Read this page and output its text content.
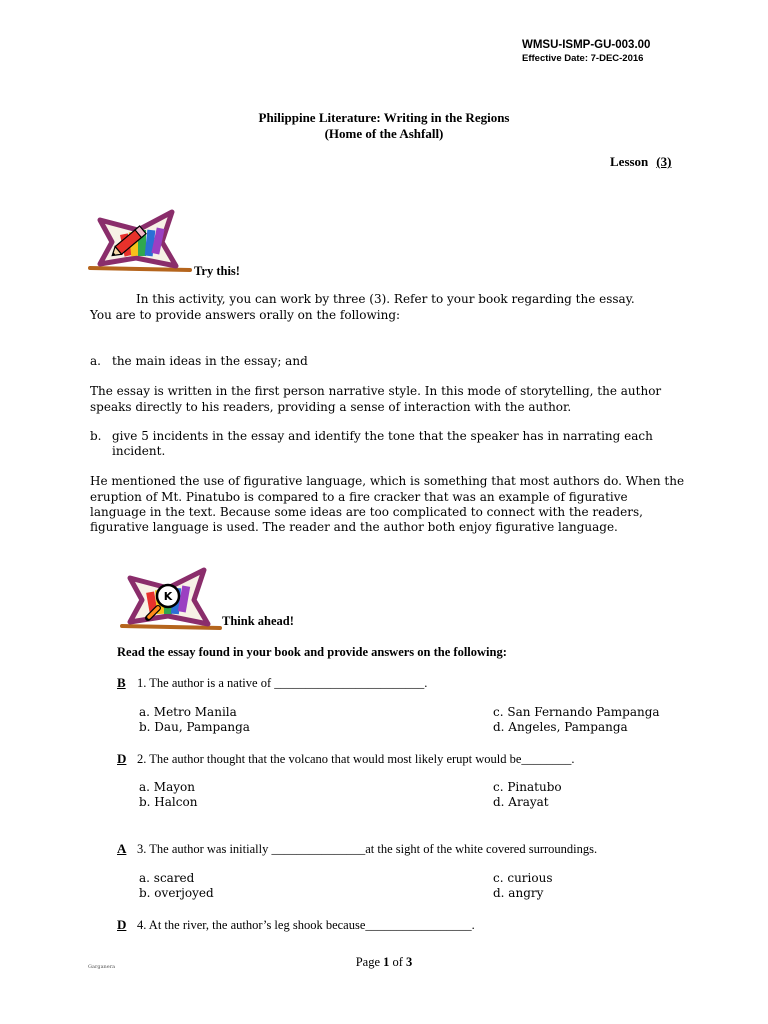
WMSU-ISMP-GU-003.00
Effective Date: 7-DEC-2016
Philippine Literature: Writing in the Regions
(Home of the Ashfall)
Lesson (3)
Try this!
In this activity, you can work by three (3). Refer to your book regarding the essay.
You are to provide answers orally on the following:
a. the main ideas in the essay; and
The essay is written in the first person narrative style. In this mode of storytelling, the author
speaks directly to his readers, providing a sense of interaction with the author.
b. give 5 incidents in the essay and identify the tone that the speaker has in narrating each
incident.
He mentioned the use of figurative language, which is something that most authors do. When the
eruption of Mt. Pinatubo is compared to a fire cracker that was an example of figurative
language in the text. Because some ideas are too complicated to connect with the readers,
figurative language is used. The reader and the author both enjoy figurative language.
K
Think ahead!
Read the essay found in your book and provide answers on the following:
B 1. The author is a native of ________________________.
a. Metro Manila
b. Dau, Pampanga
c. San Fernando Pampanga
d. Angeles, Pampanga
D 2. The author thought that the volcano that would most likely erupt would be________.
a. Mayon
b. Halcon
c. Pinatubo
d. Arayat
A 3. The author was initially _______________at the sight of the white covered surroundings.
a. scared
b. overjoyed
c. curious
d. angry
D 4. At the river, the author’s leg shook because_________________.
Garganera	Page 1 of 3
